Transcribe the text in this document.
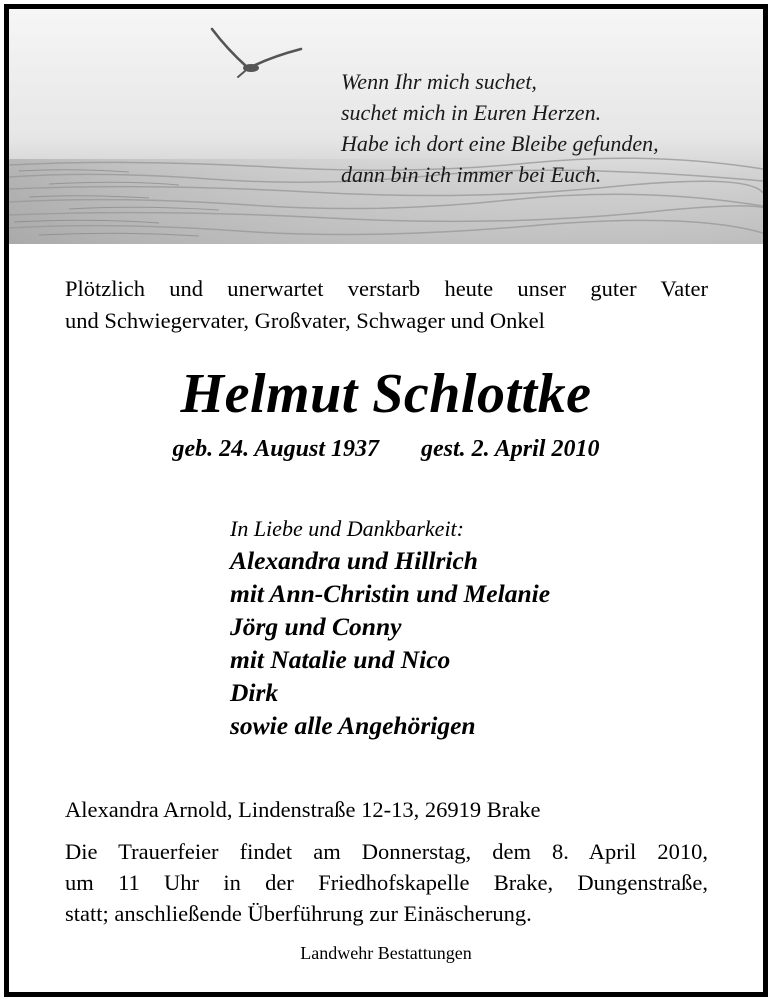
Wenn Ihr mich suchet,
suchet mich in Euren Herzen.
Habe ich dort eine Bleibe gefunden,
dann bin ich immer bei Euch.
Plötzlich und unerwartet verstarb heute unser guter Vater
und Schwiegervater, Großvater, Schwager und Onkel
Helmut Schlottke
geb. 24. August 1937 gest. 2. April 2010
In Liebe und Dankbarkeit:
Alexandra und Hillrich
mit Ann-Christin und Melanie
Jörg und Conny
mit Natalie und Nico
Dirk
sowie alle Angehörigen
Alexandra Arnold, Lindenstraße 12-13, 26919 Brake
Die Trauerfeier findet am Donnerstag, dem 8. April 2010,
um 11 Uhr in der Friedhofskapelle Brake, Dungenstraße,
statt; anschließende Überführung zur Einäscherung.
Landwehr Bestattungen
